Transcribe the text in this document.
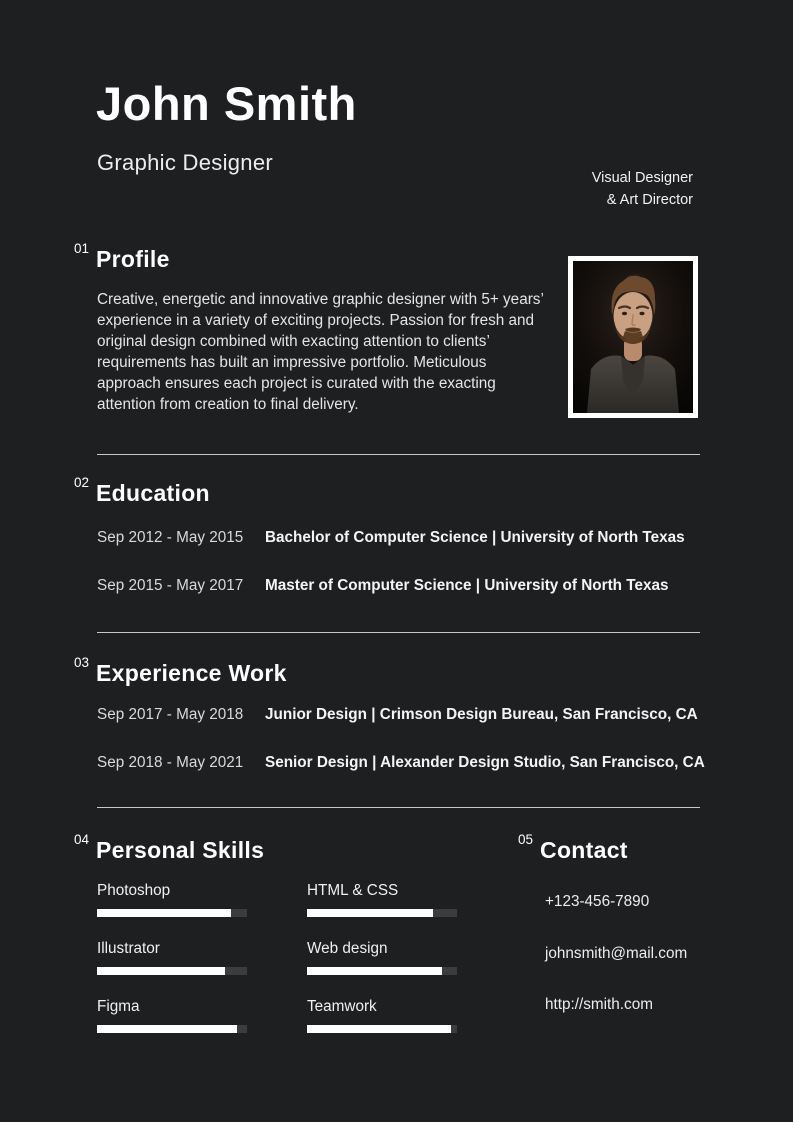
John Smith
Graphic Designer
Visual Designer
& Art Director
01 Profile
Creative, energetic and innovative graphic designer with 5+ years’ experience in a variety of exciting projects. Passion for fresh and original design combined with exacting attention to clients’ requirements has built an impressive portfolio. Meticulous approach ensures each project is curated with the exacting attention from creation to final delivery.
02 Education
Sep 2012 - May 2015	Bachelor of Computer Science | University of North Texas
Sep 2015 - May 2017	Master of Computer Science | University of North Texas
03 Experience Work
Sep 2017 - May 2018	Junior Design | Crimson Design Bureau, San Francisco, CA
Sep 2018 - May 2021	Senior Design | Alexander Design Studio, San Francisco, CA
04 Personal Skills
Photoshop	HTML & CSS
Illustrator	Web design
Figma	Teamwork
05 Contact
+123-456-7890
johnsmith@mail.com
http://smith.com
